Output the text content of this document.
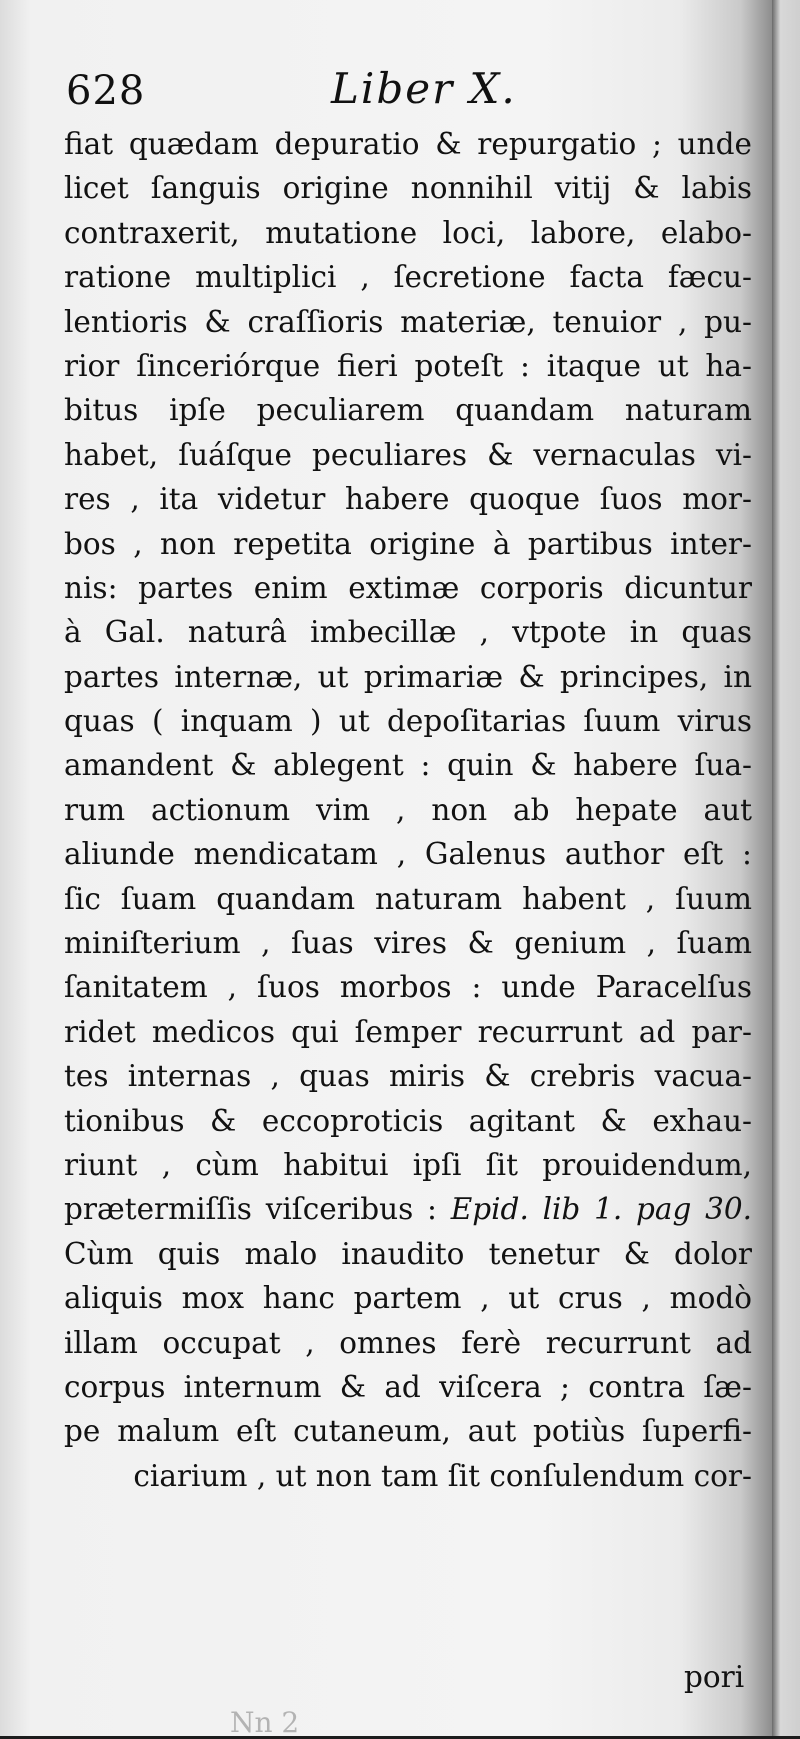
628	Liber X.
fiat quædam depuratio & repurgatio ; unde
licet ſanguis origine nonnihil vitij & labis
contraxerit, mutatione loci, labore, elabo-
ratione multiplici , ſecretione facta fæcu-
lentioris & craſſioris materiæ, tenuior , pu-
rior ſinceriórque fieri poteſt : itaque ut ha-
bitus ipſe peculiarem quandam naturam
habet, ſuáſque peculiares & vernaculas vi-
res , ita videtur habere quoque ſuos mor-
bos , non repetita origine à partibus inter-
nis: partes enim extimæ corporis dicuntur
à Gal. naturâ imbecillæ , vtpote in quas
partes internæ, ut primariæ & principes, in
quas ( inquam ) ut depoſitarias ſuum virus
amandent & ablegent : quin & habere ſua-
rum actionum vim , non ab hepate aut
aliunde mendicatam , Galenus author eſt :
ſic ſuam quandam naturam habent , ſuum
miniſterium , ſuas vires & genium , ſuam
ſanitatem , ſuos morbos : unde Paracelſus
ridet medicos qui ſemper recurrunt ad par-
tes internas , quas miris & crebris vacua-
tionibus & eccoproticis agitant & exhau-
riunt , cùm habitui ipſi ſit prouidendum,
prætermiſſis viſceribus : Epid. lib 1. pag 30.
Cùm quis malo inaudito tenetur & dolor
aliquis mox hanc partem , ut crus , modò
illam occupat , omnes ferè recurrunt ad
corpus internum & ad viſcera ; contra ſæ-
pe malum eſt cutaneum, aut potiùs ſuperfi-
ciarium , ut non tam ſit conſulendum cor-
pori
Nn 2
